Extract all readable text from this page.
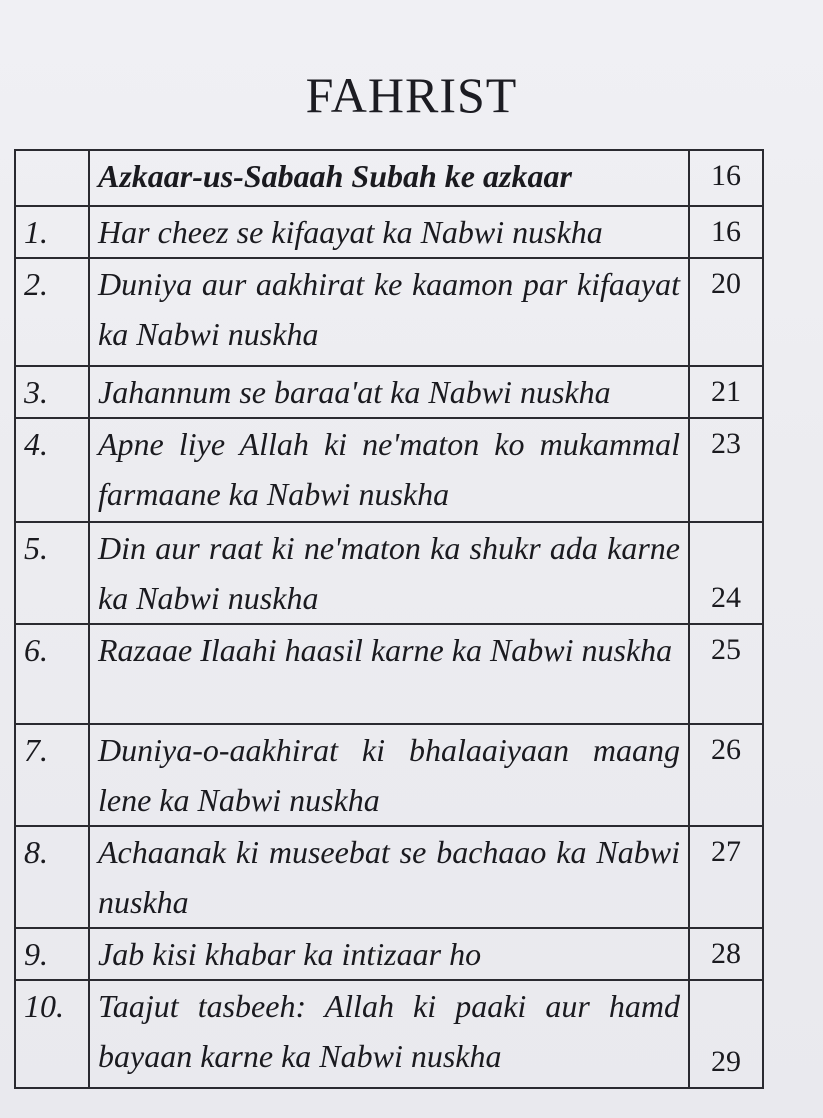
FAHRIST
	Azkaar-us-Sabaah Subah ke azkaar	16
1.	Har cheez se kifaayat ka Nabwi nuskha	16
2.	Duniya aur aakhirat ke kaamon par kifaayat ka Nabwi nuskha	20
3.	Jahannum se baraa'at ka Nabwi nuskha	21
4.	Apne liye Allah ki ne'maton ko mukammal farmaane ka Nabwi nuskha	23
5.	Din aur raat ki ne'maton ka shukr ada karne ka Nabwi nuskha	24
6.	Razaae Ilaahi haasil karne ka Nabwi nuskha	25
7.	Duniya-o-aakhirat ki bhalaaiyaan maang lene ka Nabwi nuskha	26
8.	Achaanak ki museebat se bachaao ka Nabwi nuskha	27
9.	Jab kisi khabar ka intizaar ho	28
10.	Taajut tasbeeh: Allah ki paaki aur hamd bayaan karne ka Nabwi nuskha	29
